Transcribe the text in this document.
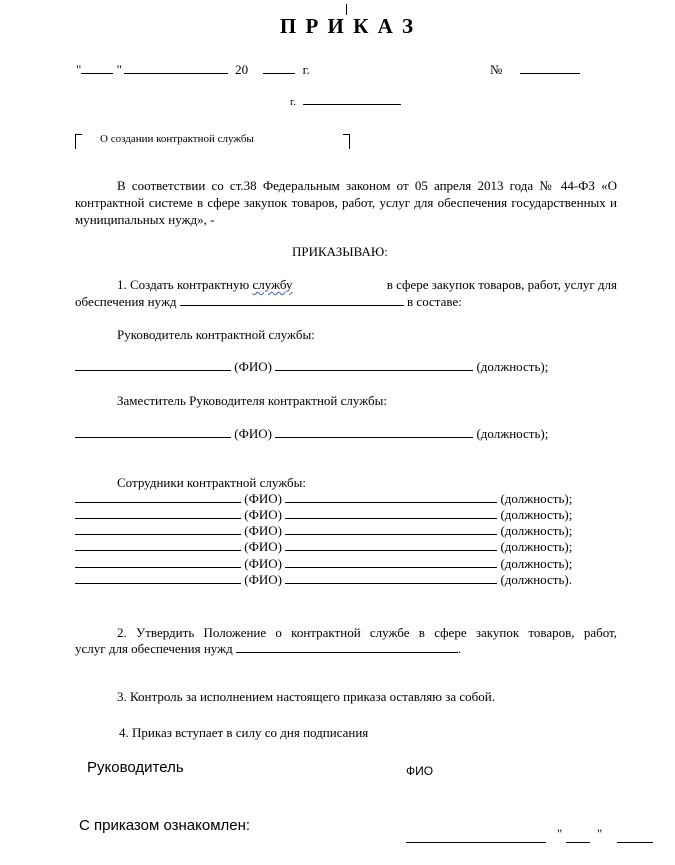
П Р И К А З
"	"	20	г.	№
г.
О создании контрактной службы
В соответствии со ст.38 Федеральным законом от 05 апреля 2013 года № 44-ФЗ «О контрактной системе в сфере закупок товаров, работ, услуг для обеспечения государственных и муниципальных нужд», -
ПРИКАЗЫВАЮ:
1. Создать контрактную службу	в сфере закупок товаров, работ, услуг для
обеспечения нужд	в составе:
Руководитель контрактной службы:
(ФИО)	(должность);
Заместитель Руководителя контрактной службы:
(ФИО)	(должность);
Сотрудники контрактной службы:
(ФИО)	(должность);
(ФИО)	(должность);
(ФИО)	(должность);
(ФИО)	(должность);
(ФИО)	(должность);
(ФИО)	(должность).
2. Утвердить Положение о контрактной службе в сфере закупок товаров, работ,
услуг для обеспечения нужд	.
3. Контроль за исполнением настоящего приказа оставляю за собой.
4. Приказ вступает в силу со дня подписания
Руководитель	ФИО
С приказом ознакомлен:	"	"
